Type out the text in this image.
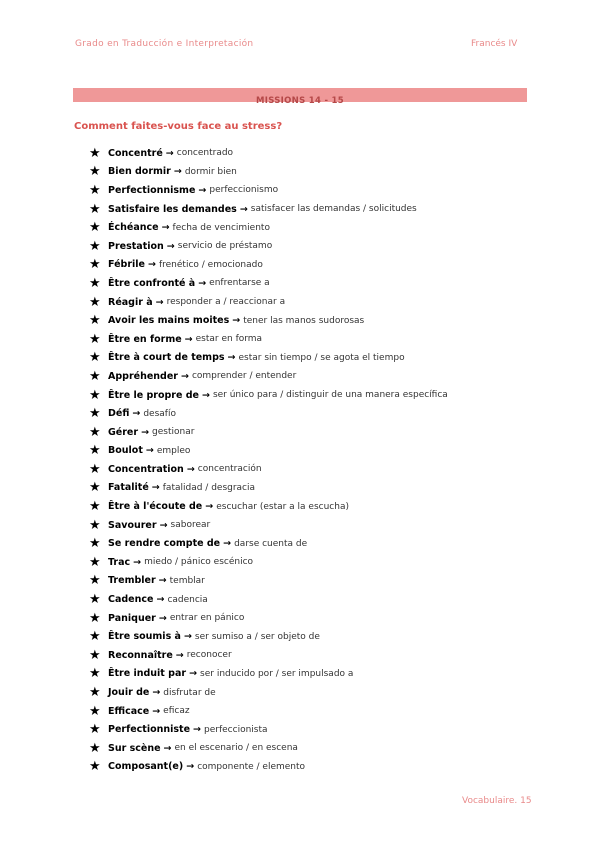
Grado en Traducción e Interpretación	Francés IV
MISSIONS 14 - 15
Comment faites-vous face au stress?
★ Concentré → concentrado
★ Bien dormir → dormir bien
★ Perfectionnisme → perfeccionismo
★ Satisfaire les demandes → satisfacer las demandas / solicitudes
★ Échéance → fecha de vencimiento
★ Prestation → servicio de préstamo
★ Fébrile → frenético / emocionado
★ Être confronté à → enfrentarse a
★ Réagir à → responder a / reaccionar a
★ Avoir les mains moites → tener las manos sudorosas
★ Être en forme → estar en forma
★ Être à court de temps → estar sin tiempo / se agota el tiempo
★ Appréhender → comprender / entender
★ Être le propre de → ser único para / distinguir de una manera específica
★ Défi → desafío
★ Gérer → gestionar
★ Boulot → empleo
★ Concentration → concentración
★ Fatalité → fatalidad / desgracia
★ Être à l'écoute de → escuchar (estar a la escucha)
★ Savourer → saborear
★ Se rendre compte de → darse cuenta de
★ Trac → miedo / pánico escénico
★ Trembler → temblar
★ Cadence → cadencia
★ Paniquer → entrar en pánico
★ Être soumis à → ser sumiso a / ser objeto de
★ Reconnaître → reconocer
★ Être induit par → ser inducido por / ser impulsado a
★ Jouir de → disfrutar de
★ Efficace → eficaz
★ Perfectionniste → perfeccionista
★ Sur scène → en el escenario / en escena
★ Composant(e) → componente / elemento
Vocabulaire. 15
